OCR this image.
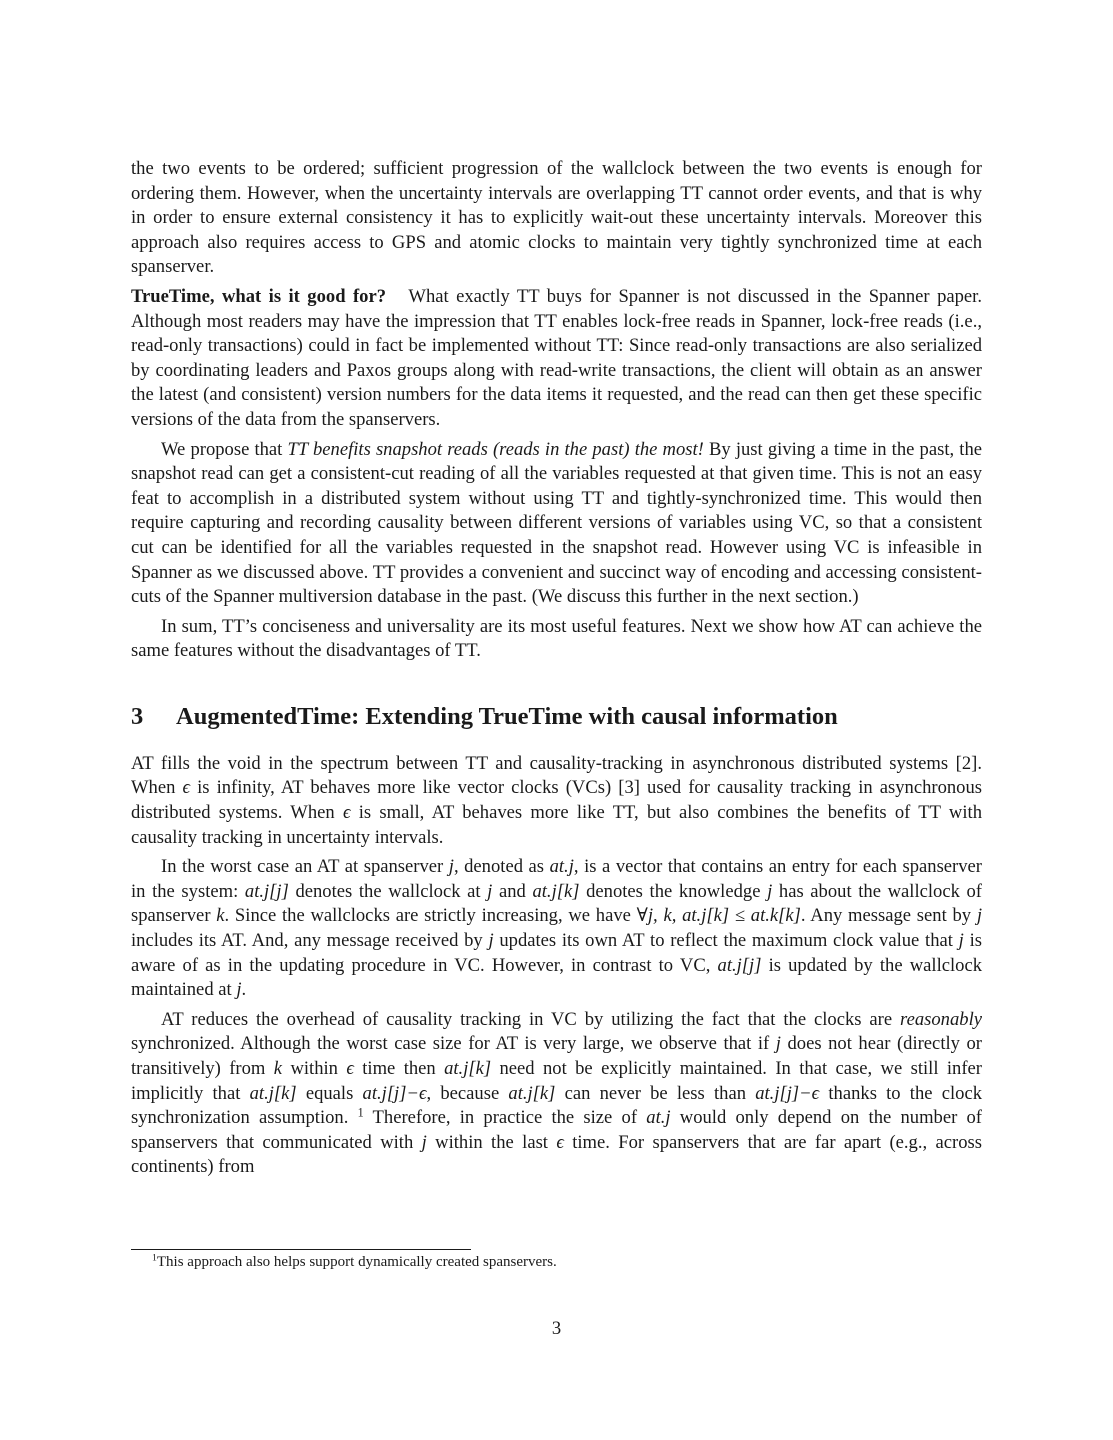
the two events to be ordered; sufficient progression of the wallclock between the two events is enough for ordering them. However, when the uncertainty intervals are overlapping TT cannot order events, and that is why in order to ensure external consistency it has to explicitly wait-out these uncertainty intervals. Moreover this approach also requires access to GPS and atomic clocks to maintain very tightly synchronized time at each spanserver.

TrueTime, what is it good for? What exactly TT buys for Spanner is not discussed in the Spanner paper. Although most readers may have the impression that TT enables lock-free reads in Spanner, lock-free reads (i.e., read-only transactions) could in fact be implemented without TT: Since read-only transactions are also serialized by coordinating leaders and Paxos groups along with read-write transactions, the client will obtain as an answer the latest (and consistent) version numbers for the data items it requested, and the read can then get these specific versions of the data from the spanservers.

We propose that TT benefits snapshot reads (reads in the past) the most! By just giving a time in the past, the snapshot read can get a consistent-cut reading of all the variables requested at that given time. This is not an easy feat to accomplish in a distributed system without using TT and tightly-synchronized time. This would then require capturing and recording causality between different versions of variables using VC, so that a consistent cut can be identified for all the variables requested in the snapshot read. However using VC is infeasible in Spanner as we discussed above. TT provides a convenient and succinct way of encoding and accessing consistent-cuts of the Spanner multiversion database in the past. (We discuss this further in the next section.)

In sum, TT’s conciseness and universality are its most useful features. Next we show how AT can achieve the same features without the disadvantages of TT.

3	AugmentedTime: Extending TrueTime with causal information

AT fills the void in the spectrum between TT and causality-tracking in asynchronous distributed systems [2]. When ϵ is infinity, AT behaves more like vector clocks (VCs) [3] used for causality tracking in asynchronous distributed systems. When ϵ is small, AT behaves more like TT, but also combines the benefits of TT with causality tracking in uncertainty intervals.

In the worst case an AT at spanserver j, denoted as at.j, is a vector that contains an entry for each spanserver in the system: at.j[j] denotes the wallclock at j and at.j[k] denotes the knowledge j has about the wallclock of spanserver k. Since the wallclocks are strictly increasing, we have ∀j, k, at.j[k] ≤ at.k[k]. Any message sent by j includes its AT. And, any message received by j updates its own AT to reflect the maximum clock value that j is aware of as in the updating procedure in VC. However, in contrast to VC, at.j[j] is updated by the wallclock maintained at j.

AT reduces the overhead of causality tracking in VC by utilizing the fact that the clocks are reasonably synchronized. Although the worst case size for AT is very large, we observe that if j does not hear (directly or transitively) from k within ϵ time then at.j[k] need not be explicitly maintained. In that case, we still infer implicitly that at.j[k] equals at.j[j]−ϵ, because at.j[k] can never be less than at.j[j]−ϵ thanks to the clock synchronization assumption. $^1$ Therefore, in practice the size of at.j would only depend on the number of spanservers that communicated with j within the last ϵ time. For spanservers that are far apart (e.g., across continents) from

$^1$This approach also helps support dynamically created spanservers.
3
